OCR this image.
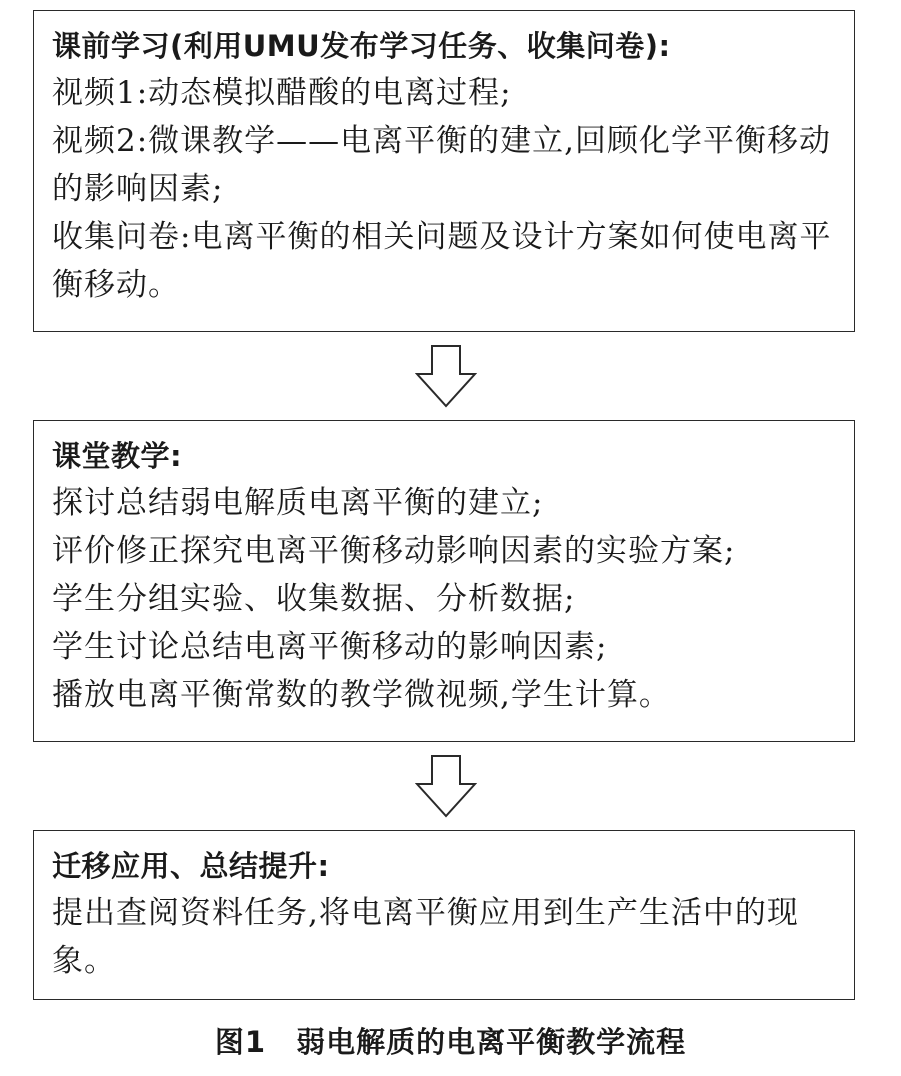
课前学习(利用UMU发布学习任务、收集问卷):
视频1:动态模拟醋酸的电离过程;
视频2:微课教学——电离平衡的建立,回顾化学平衡移动的影响因素;
收集问卷:电离平衡的相关问题及设计方案如何使电离平衡移动。
课堂教学:
探讨总结弱电解质电离平衡的建立;
评价修正探究电离平衡移动影响因素的实验方案;
学生分组实验、收集数据、分析数据;
学生讨论总结电离平衡移动的影响因素;
播放电离平衡常数的教学微视频,学生计算。
迁移应用、总结提升:
提出查阅资料任务,将电离平衡应用到生产生活中的现象。
图1 弱电解质的电离平衡教学流程
